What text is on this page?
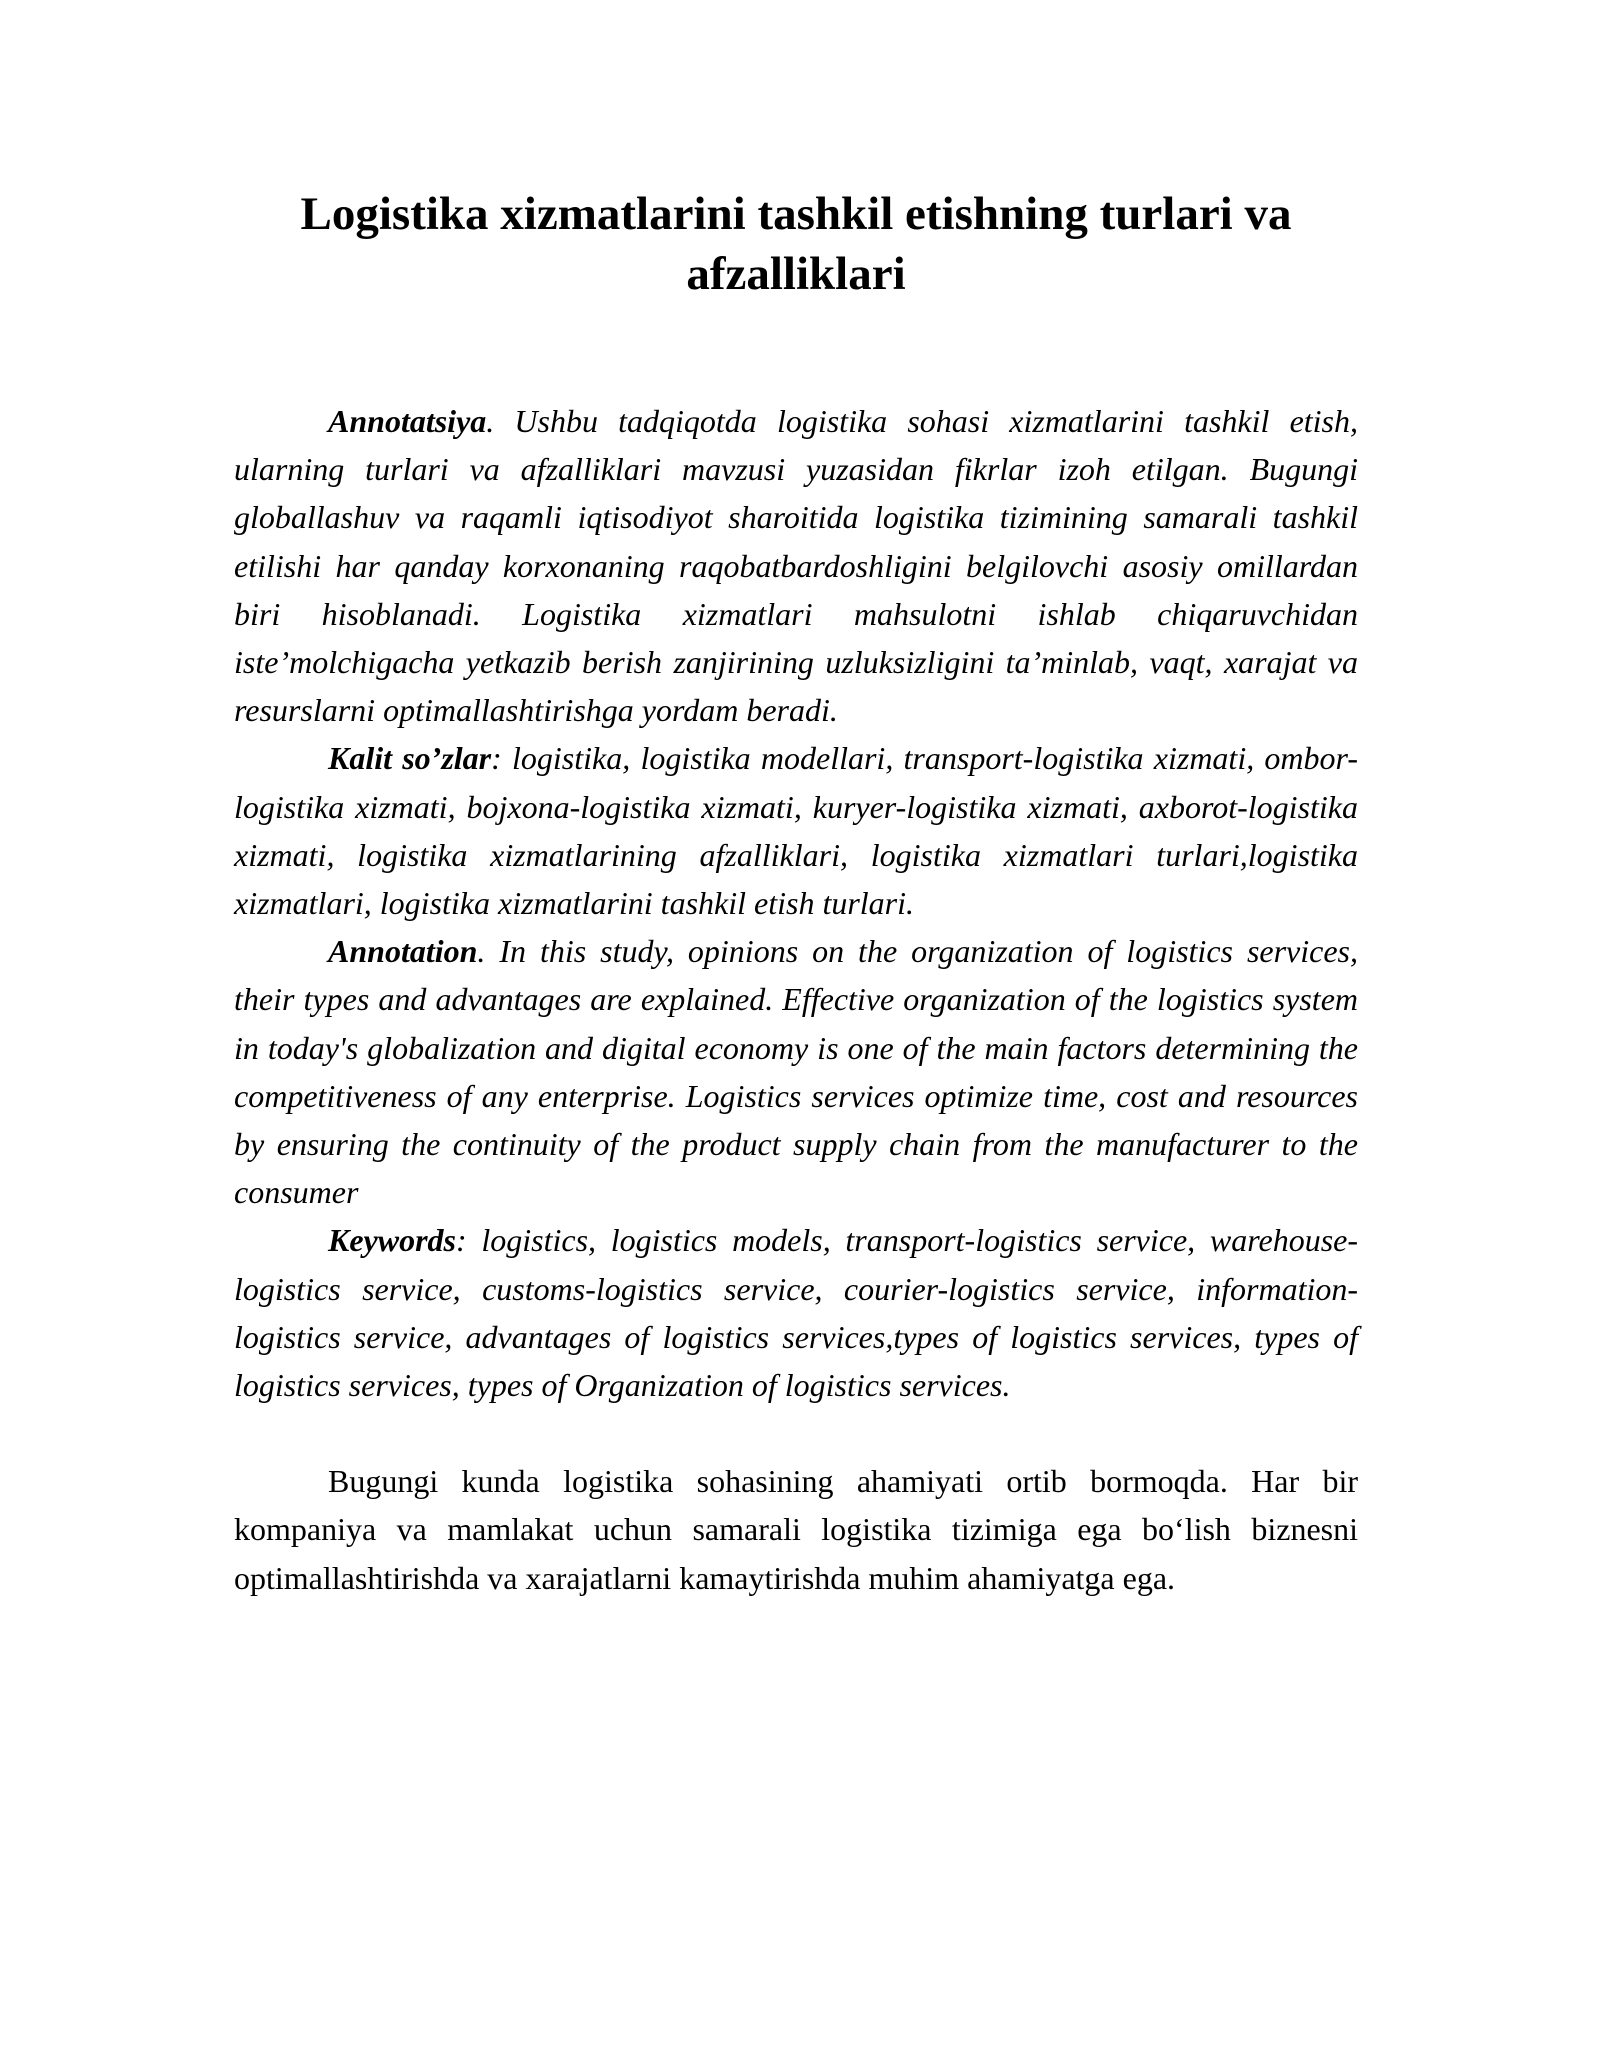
Logistika xizmatlarini tashkil etishning turlari va afzalliklari

Annotatsiya. Ushbu tadqiqotda logistika sohasi xizmatlarini tashkil etish, ularning turlari va afzalliklari mavzusi yuzasidan fikrlar izoh etilgan. Bugungi globallashuv va raqamli iqtisodiyot sharoitida logistika tizimining samarali tashkil etilishi har qanday korxonaning raqobatbardoshligini belgilovchi asosiy omillardan biri hisoblanadi. Logistika xizmatlari mahsulotni ishlab chiqaruvchidan iste’molchigacha yetkazib berish zanjirining uzluksizligini ta’minlab, vaqt, xarajat va resurslarni optimallashtirishga yordam beradi.

Kalit so’zlar: logistika, logistika modellari, transport-logistika xizmati, ombor-logistika xizmati, bojxona-logistika xizmati, kuryer-logistika xizmati, axborot-logistika xizmati, logistika xizmatlarining afzalliklari, logistika xizmatlari turlari,logistika xizmatlari, logistika xizmatlarini tashkil etish turlari.

Annotation. In this study, opinions on the organization of logistics services, their types and advantages are explained. Effective organization of the logistics system in today's globalization and digital economy is one of the main factors determining the competitiveness of any enterprise. Logistics services optimize time, cost and resources by ensuring the continuity of the product supply chain from the manufacturer to the consumer

Keywords: logistics, logistics models, transport-logistics service, warehouse-logistics service, customs-logistics service, courier-logistics service, information-logistics service, advantages of logistics services,types of logistics services, types of logistics services, types of Organization of logistics services.

Bugungi kunda logistika sohasining ahamiyati ortib bormoqda. Har bir kompaniya va mamlakat uchun samarali logistika tizimiga ega bo‘lish biznesni optimallashtirishda va xarajatlarni kamaytirishda muhim ahamiyatga ega.
